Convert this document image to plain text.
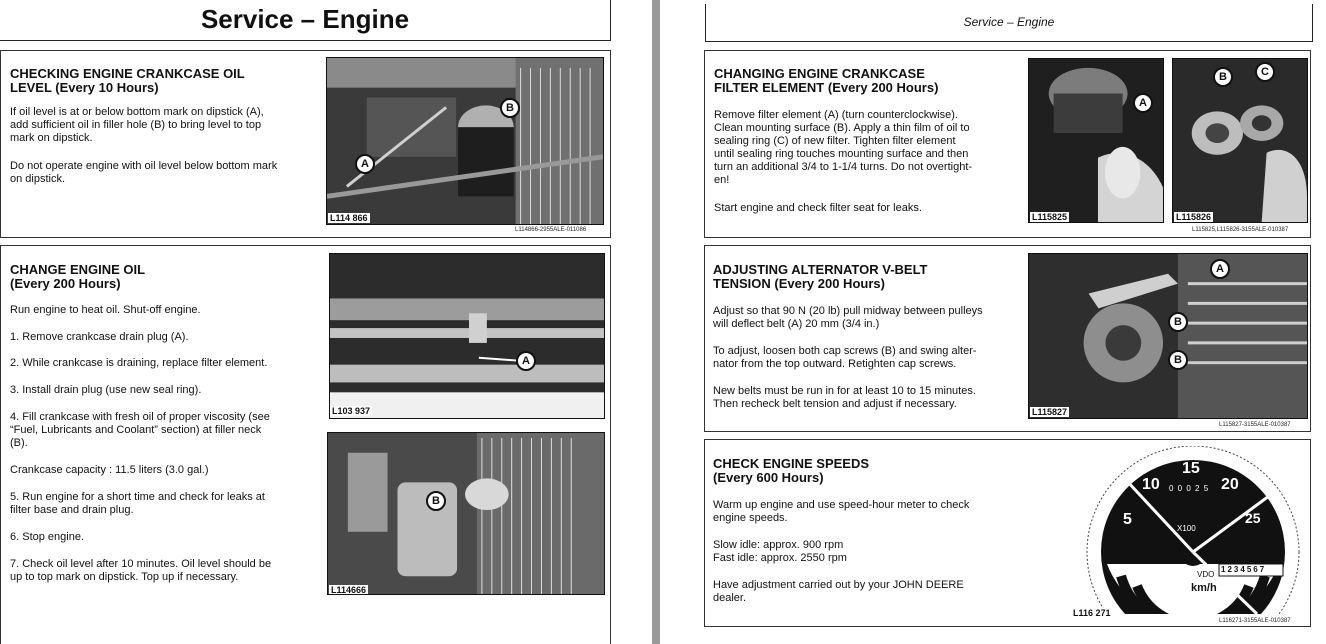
Service – Engine
CHECKING ENGINE CRANKCASE OIL
LEVEL (Every 10 Hours)
If oil level is at or below bottom mark on dipstick (A),
add sufficient oil in filler hole (B) to bring level to top
mark on dipstick.
Do not operate engine with oil level below bottom mark
on dipstick.
B
A
L114 866
L114866-2955ALE-011086
CHANGE ENGINE OIL
(Every 200 Hours)
Run engine to heat oil. Shut-off engine.
1. Remove crankcase drain plug (A).
2. While crankcase is draining, replace filter element.
3. Install drain plug (use new seal ring).
4. Fill crankcase with fresh oil of proper viscosity (see
“Fuel, Lubricants and Coolant” section) at filler neck
(B).
Crankcase capacity : 11.5 liters (3.0 gal.)
5. Run engine for a short time and check for leaks at
filter base and drain plug.
6. Stop engine.
7. Check oil level after 10 minutes. Oil level should be
up to top mark on dipstick. Top up if necessary.
A
L103 937
B
L114666
Service – Engine
CHANGING ENGINE CRANKCASE
FILTER ELEMENT (Every 200 Hours)
Remove filter element (A) (turn counterclockwise).
Clean mounting surface (B). Apply a thin film of oil to
sealing ring (C) of new filter. Tighten filter element
until sealing ring touches mounting surface and then
turn an additional 3/4 to 1-1/4 turns. Do not overtight-
en!
Start engine and check filter seat for leaks.
A
L115825
B	C
L115826
L115825,L115826-3155ALE-010387
ADJUSTING ALTERNATOR V-BELT
TENSION (Every 200 Hours)
Adjust so that 90 N (20 lb) pull midway between pulleys
will deflect belt (A) 20 mm (3/4 in.)
To adjust, loosen both cap screws (B) and swing alter-
nator from the top outward. Retighten cap screws.
New belts must be run in for at least 10 to 15 minutes.
Then recheck belt tension and adjust if necessary.
A
B
B
L115827
L115827-3155ALE-010387
CHECK ENGINE SPEEDS
(Every 600 Hours)
Warm up engine and use speed-hour meter to check
engine speeds.
Slow idle: approx. 900 rpm
Fast idle: approx. 2550 rpm
Have adjustment carried out by your JOHN DEERE
dealer.
15
10	20
5	25
0 0 0 2 5
X100
VDO
km/h
1 2 3 4 5 6 7
L116 271
L116271-3155ALE-010387
